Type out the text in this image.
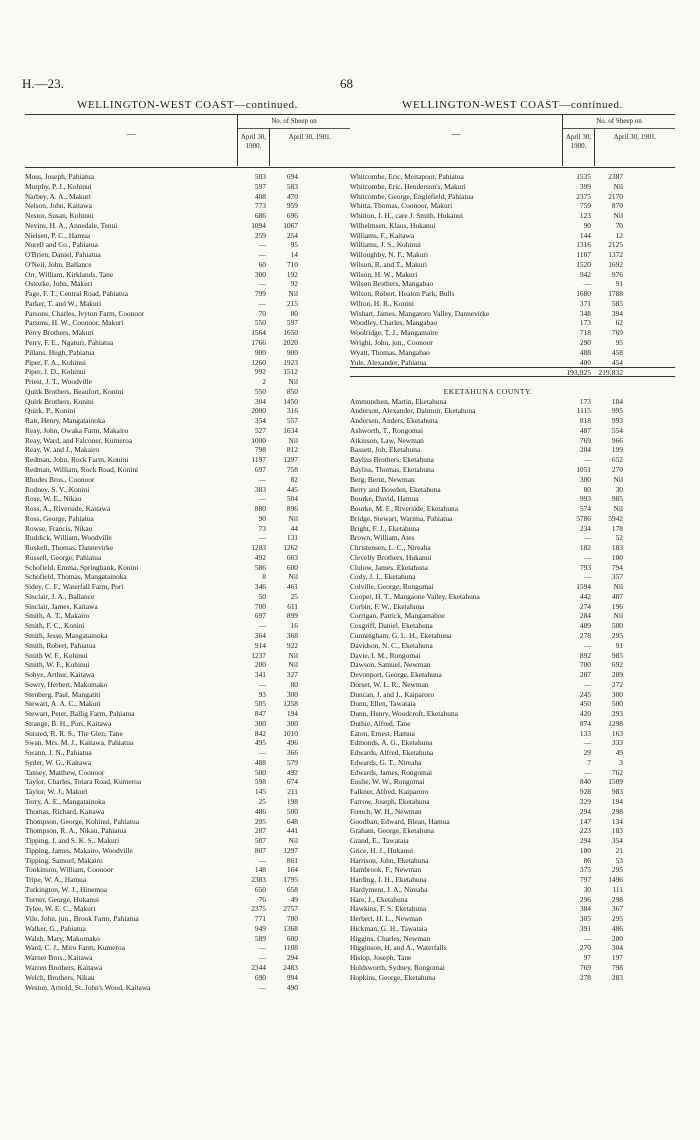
H.—23.	68
WELLINGTON-WEST COAST—continued.
—
No. of Sheep on
April 30, 1900.
April 30, 1901.
Moss, Joseph, Pahiatua	503	694
Murphy, P. J., Kohinui	597	583
Narbey, A. A., Makuri	408	470
Nelson, John, Kaitawa	773	959
Nestor, Susan, Kohinui	686	696
Nevins, H. A., Annedale, Tenui	1094	1067
Nielsen, P. C., Hamua	259	254
Nurell and Co., Pahiatua	—	95
O'Brien, Daniel, Pahiatua	—	14
O'Neil, John, Ballance	60	710
Orr, William, Kirklands, Tane	300	192
Ostozke, John, Makuri	—	92
Page, F. T., Central Road, Pahiatua	799	Nil
Parker, T. and W., Makuri	—	215
Parsons, Charles, Ivyton Farm, Coonoor	70	80
Parsons, H. W., Coonoor, Makuri	550	597
Perry Brothers, Makuri	1564	1650
Perry, F. E., Ngaturi, Pahiatua	1766	2020
Pillans, Hugh, Pahiatua	900	900
Piper, F. A., Kohinui	1260	1923
Piper, J. D., Kohinui	992	1512
Priest, J. T., Woodville	2	Nil
Quirk Brothers, Beaufort, Konini	550	850
Quirk Brothers, Konini	304	1450
Quirk, P., Konini	2000	316
Rait, Henry, Mangatainoka	354	557
Reay, John, Owaka Farm, Makairo	527	1634
Reay, Ward, and Falconer, Kumeroa	1000	Nil
Reay, W. and J., Makairo	798	812
Redman, John, Rock Farm, Konini	1197	1297
Redman, William, Rock Road, Konini	697	758
Rhodes Bros., Coonoor	—	82
Rodney, S. V., Konini	383	445
Rose, W. E., Nikau	—	504
Ross, A., Riverside, Kaitawa	880	896
Ross, George, Pahiatua	90	Nil
Rowse, Francis, Nikau	73	44
Ruddick, William, Woodville	—	131
Ruskell, Thomas, Dannevirke	1283	1262
Russell, George, Pahiatua	492	663
Schofield, Emma, Springbank, Konini	586	600
Schofield, Thomas, Mangatainoka	8	Nil
Sidey, C. F., Waterfall Farm, Pori	346	461
Sinclair, J. A., Ballance	50	25
Sinclair, James, Kaitawa	700	611
Smith, A. T., Makairo	697	899
Smith, F. C., Konini	—	16
Smith, Jesse, Mangatainoka	364	368
Smith, Robert, Pahiatua	914	922
Smith W. F., Kohinui	1237	Nil
Smith, W. F., Kohinui	200	Nil
Sobye, Arthur, Kaitawa	341	327
Sowry, Herbert, Makomako	—	80
Stenberg, Paul, Mangatiti	93	300
Stewart, A. A. C., Makuri	505	1258
Stewart, Peter, Ballig Farm, Pahiatua	847	194
Strange, B. H., Pori, Kaitawa	300	300
Suisted, R. R. S., The Glen, Tane	842	1010
Swan, Mrs. M. J., Kaitawa, Pahiatua	495	496
Swann, J. N., Pahiatua	—	366
Syder, W. G., Kaitawa	488	579
Tansey, Matthew, Coonoor	500	492
Taylor, Charles, Totara Road, Kumeroa	598	674
Taylor, W. J., Makuri	145	211
Terry, A. E., Mangatainoka	25	198
Thomas, Richard, Kaitawa	486	500
Thompson, George, Kohinui, Pahiatua	295	648
Thompson, R. A., Nikau, Pahiatua	287	441
Tipping, J. and S. K. S., Makuri	507	Nil
Tipping, James, Makairo, Woodville	807	1297
Tipping, Samuel, Makairo	—	861
Tonkinson, William, Coonoor	148	164
Tripe, W. A., Hamua	2383	1795
Turkington, W. J., Hinemoa	650	658
Turner, George, Hukanui	76	49
Tylee, W. E. C., Makuri	2375	2757
Vile, John, jun., Brook Farm, Pahiatua	771	780
Walker, G., Pahiatua	949	1368
Walsh, Mary, Makomako	589	600
Ward, C. J., Miro Farm, Kumeroa	—	1108
Warner Bros., Kaitawa	—	294
Warren Brothers, Kaitawa	2344	2483
Welch, Brothers, Nikau	690	994
Weston, Arnold, St. John's Wood, Kaitawa	—	490
WELLINGTON-WEST COAST—continued.
—
No. of Sheep on
April 30, 1900.
April 30, 1901.
Whitcombe, Eric, Meitapoor, Pahiatua	1535	2387
Whitcombe, Eric, Henderson's, Makuri	399	Nil
Whitcombe, George, Englefield, Pahiatua	2375	2170
Whitta, Thomas, Coonoor, Makuri	759	870
Whitton, J. H., care J. Smith, Hukanui	123	Nil
Wilhelmsen, Klaus, Hukanui	90	70
Williams, F., Kaitawa	144	12
Williams, J. S., Kohinui	1316	2125
Willoughby, N. F., Makuri	1107	1372
Wilson, R. and T., Makuri	1520	1692
Wilson, H. W., Makuri	942	976
Wilson Brothers, Mangabao	—	91
Wilson, Robert, Heaton Park, Bulls	1680	1788
Wilton, H. R., Konini	371	585
Wishart, James, Mangatoro Valley, Dannevirke	348	394
Woodley, Charles, Mangabao	173	62
Woolridge, T. J., Mangamaire	718	769
Wright, John, jun., Coonoor	290	95
Wyatt, Thomas, Mangabao	488	458
Yule, Alexander, Pahiatua	400	454
193,925 219,832
EKETAHUNA COUNTY.
Ammundsen, Martin, Eketahuna	173	184
Anderson, Alexander, Dalmuir, Eketahuna	1115	995
Andersen, Anders, Eketahuna	818	993
Ashworth, T., Rongomai	487	554
Atkinson, Law, Newman	769	966
Bassett, Job, Eketahuna	204	199
Bayliss Brothers, Eketahuna	—	652
Bayliss, Thomas, Eketahuna	1051	270
Berg, Bernt, Newman	300	Nil
Berry and Bowden, Eketahuna	80	30
Bourke, David, Hamua	993	985
Bourke, M. F., Riverside, Eketahuna	574	Nil
Bridge, Stewart, Warima, Pahiatua	5786	5942
Bright, F. J., Eketahuna	234	178
Brown, William, Ates	—	52
Christensen, L. C., Nireaha	182	183
Clevelly Brothers, Hukanui	—	100
Clulow, James, Eketahuna	793	794
Cody, J. J., Eketahuna	—	357
Colville, George, Rongomai	1594	Nil
Cooper, H. T., Mangaone Valley, Eketahuna	442	487
Corbin, F. W., Eketahuna	274	196
Corrigan, Patrick, Mangamahoe	284	Nil
Cosgriff, Daniel, Eketahuna	489	500
Cunningham, G. L. H., Eketahuna	278	295
Davidson, N. C., Eketahuna	—	91
Davie, I. M., Rongomai	892	985
Dawson, Samuel, Newman	700	692
Devonport, George, Eketahuna	287	289
Dorset, W. L. R., Newman	—	272
Duncan, J. and J., Kaiparoro	245	300
Dunn, Ellen, Tawataia	450	500
Dunn, Henry, Woodcroft, Eketahuna	420	293
Duthie, Alfred, Tane	874	1298
Eaton, Ernest, Hamua	133	163
Edmonds, A. G., Eketahuna	—	333
Edwards, Alfred, Eketahuna	29	49
Edwards, G. T., Nireaha	7	3
Edwards, James, Rongomai	—	762
Euslie, W. W., Rongomai	840	1509
Falkner, Alfred, Kaiparoro	928	983
Farrow, Joseph, Eketahuna	229	194
French, W. H., Newman	294	298
Goodban, Edward, Blean, Hamua	147	134
Graham, George, Eketahuna	223	183
Grand, E., Tawataia	294	354
Grice, H. J., Hukanui	100	21
Harrison, John, Eketahuna	86	53
Hambrook, F., Newman	375	295
Harding, J. H., Eketahuna	797	1496
Hardyment, J. A., Nireaha	30	111
Hare, J., Eketahuna	296	298
Hawkins, F. S. Eketahuna	384	367
Herbert, H. L., Newman	305	295
Hickman, G. H., Tawataia	391	486
Higgins, Charles, Newman	—	200
Higginson, H. and A., Waterfalls	270	304
Hislop, Joseph, Tane	97	197
Holdsworth, Sydney, Rongomai	769	798
Hopkins, George, Eketahuna	278	283
